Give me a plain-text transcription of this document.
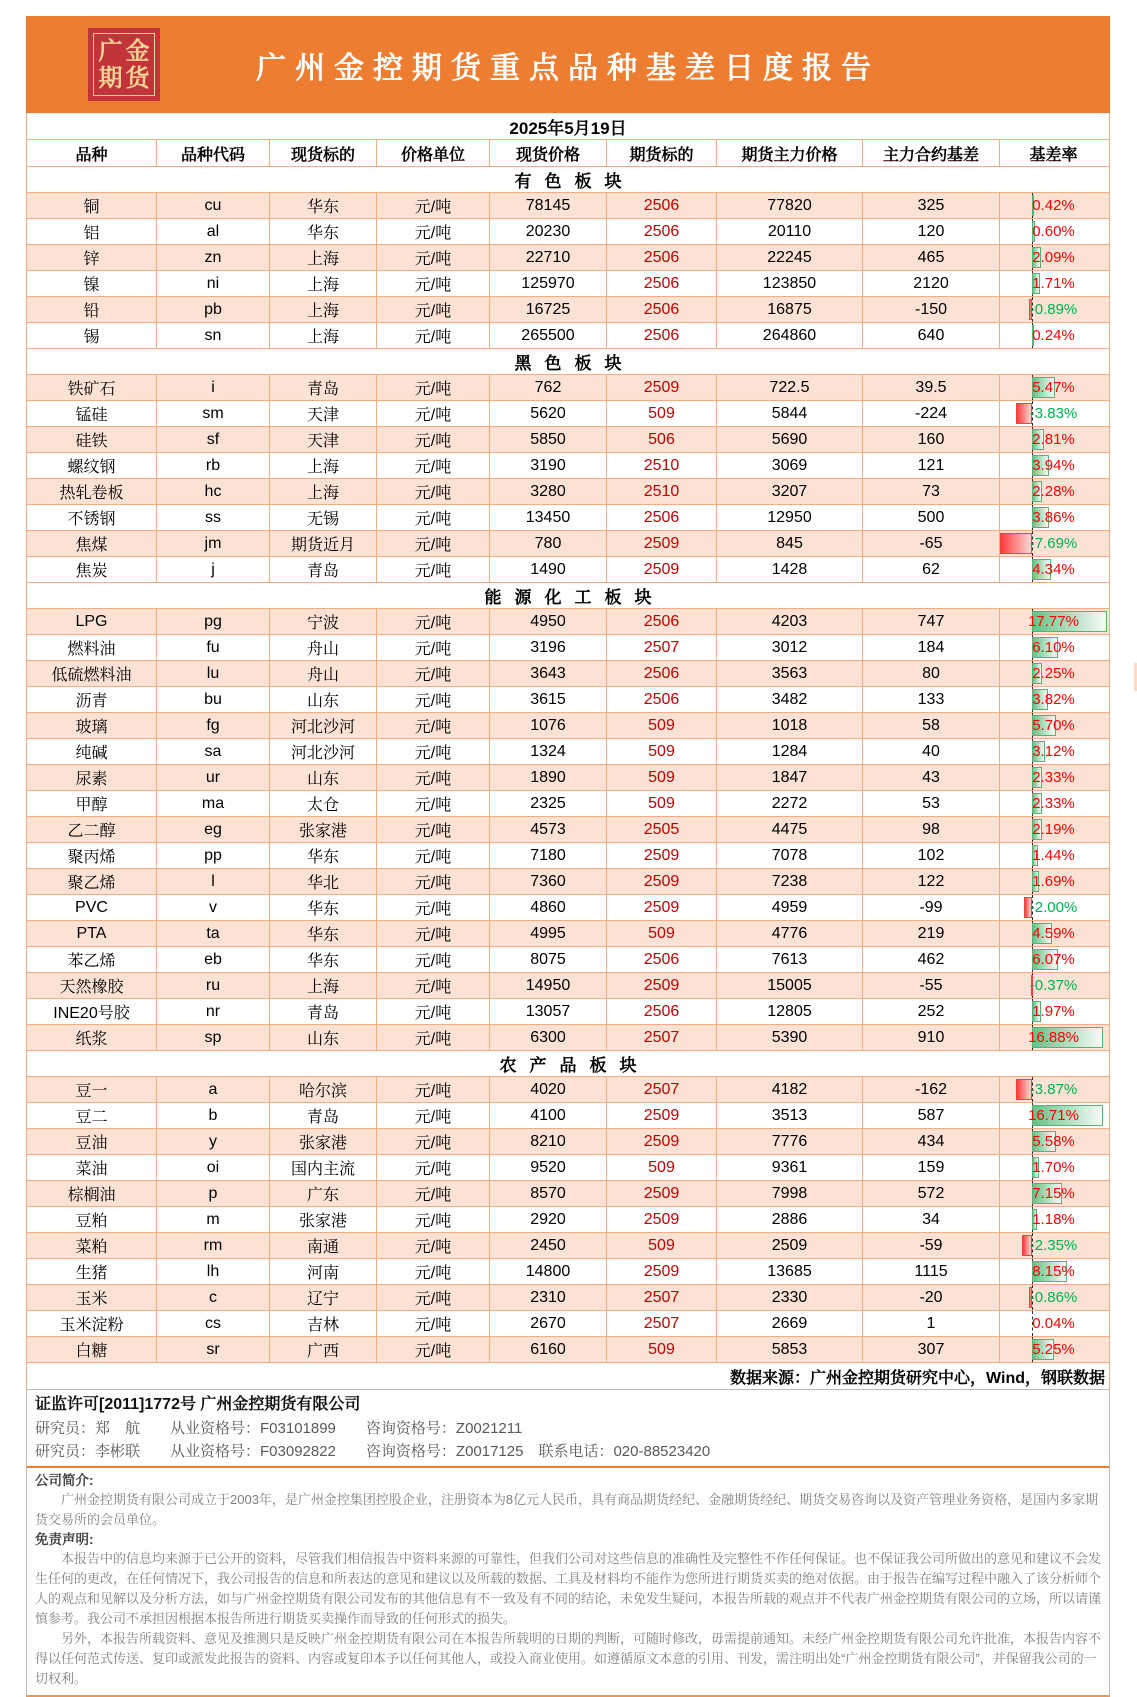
广金
期货	广州金控期货重点品种基差日度报告
2025年5月19日
品种	品种代码	现货标的	价格单位	现货价格	期货标的	期货主力价格	主力合约基差	基差率
有色板块
铜	cu	华东	元/吨	78145	2506	77820	325	0.42%
铝	al	华东	元/吨	20230	2506	20110	120	0.60%
锌	zn	上海	元/吨	22710	2506	22245	465	2.09%
镍	ni	上海	元/吨	125970	2506	123850	2120	1.71%
铅	pb	上海	元/吨	16725	2506	16875	-150	-0.89%
锡	sn	上海	元/吨	265500	2506	264860	640	0.24%
黑色板块
铁矿石	i	青岛	元/吨	762	2509	722.5	39.5	5.47%
锰硅	sm	天津	元/吨	5620	509	5844	-224	-3.83%
硅铁	sf	天津	元/吨	5850	506	5690	160	2.81%
螺纹钢	rb	上海	元/吨	3190	2510	3069	121	3.94%
热轧卷板	hc	上海	元/吨	3280	2510	3207	73	2.28%
不锈钢	ss	无锡	元/吨	13450	2506	12950	500	3.86%
焦煤	jm	期货近月	元/吨	780	2509	845	-65	-7.69%
焦炭	j	青岛	元/吨	1490	2509	1428	62	4.34%
能源化工板块
LPG	pg	宁波	元/吨	4950	2506	4203	747	17.77%
燃料油	fu	舟山	元/吨	3196	2507	3012	184	6.10%
低硫燃料油	lu	舟山	元/吨	3643	2506	3563	80	2.25%
沥青	bu	山东	元/吨	3615	2506	3482	133	3.82%
玻璃	fg	河北沙河	元/吨	1076	509	1018	58	5.70%
纯碱	sa	河北沙河	元/吨	1324	509	1284	40	3.12%
尿素	ur	山东	元/吨	1890	509	1847	43	2.33%
甲醇	ma	太仓	元/吨	2325	509	2272	53	2.33%
乙二醇	eg	张家港	元/吨	4573	2505	4475	98	2.19%
聚丙烯	pp	华东	元/吨	7180	2509	7078	102	1.44%
聚乙烯	l	华北	元/吨	7360	2509	7238	122	1.69%
PVC	v	华东	元/吨	4860	2509	4959	-99	-2.00%
PTA	ta	华东	元/吨	4995	509	4776	219	4.59%
苯乙烯	eb	华东	元/吨	8075	2506	7613	462	6.07%
天然橡胶	ru	上海	元/吨	14950	2509	15005	-55	-0.37%
INE20号胶	nr	青岛	元/吨	13057	2506	12805	252	1.97%
纸浆	sp	山东	元/吨	6300	2507	5390	910	16.88%
农产品板块
豆一	a	哈尔滨	元/吨	4020	2507	4182	-162	-3.87%
豆二	b	青岛	元/吨	4100	2509	3513	587	16.71%
豆油	y	张家港	元/吨	8210	2509	7776	434	5.58%
菜油	oi	国内主流	元/吨	9520	509	9361	159	1.70%
棕榈油	p	广东	元/吨	8570	2509	7998	572	7.15%
豆粕	m	张家港	元/吨	2920	2509	2886	34	1.18%
菜粕	rm	南通	元/吨	2450	509	2509	-59	-2.35%
生猪	lh	河南	元/吨	14800	2509	13685	1115	8.15%
玉米	c	辽宁	元/吨	2310	2507	2330	-20	-0.86%
玉米淀粉	cs	吉林	元/吨	2670	2507	2669	1	0.04%
白糖	sr	广西	元/吨	6160	509	5853	307	5.25%
数据来源：广州金控期货研究中心，Wind，钢联数据
证监许可[2011]1772号 广州金控期货有限公司
研究员：郑　航　　从业资格号：F03101899　　咨询资格号：Z0021211
研究员：李彬联　　从业资格号：F03092822　　咨询资格号：Z0017125　联系电话：020-88523420
公司简介:

广州金控期货有限公司成立于2003年，是广州金控集团控股企业，注册资本为8亿元人民币，具有商品期货经纪、金融期货经纪、期货交易咨询以及资产管理业务资格，是国内多家期货交易所的会员单位。

免责声明:

本报告中的信息均来源于已公开的资料，尽管我们相信报告中资料来源的可靠性，但我们公司对这些信息的准确性及完整性不作任何保证。也不保证我公司所做出的意见和建议不会发生任何的更改，在任何情况下，我公司报告的信息和所表达的意见和建议以及所载的数据、工具及材料均不能作为您所进行期货买卖的绝对依据。由于报告在编写过程中融入了该分析师个人的观点和见解以及分析方法，如与广州金控期货有限公司发布的其他信息有不一致及有不同的结论，未免发生疑问，本报告所载的观点并不代表广州金控期货有限公司的立场，所以请谨慎参考。我公司不承担因根据本报告所进行期货买卖操作而导致的任何形式的损失。

另外，本报告所载资料、意见及推测只是反映广州金控期货有限公司在本报告所载明的日期的判断，可随时修改，毋需提前通知。未经广州金控期货有限公司允许批准，本报告内容不得以任何范式传送、复印或派发此报告的资料、内容或复印本予以任何其他人，或投入商业使用。如遵循原文本意的引用、刊发，需注明出处“广州金控期货有限公司”，并保留我公司的一切权利。
